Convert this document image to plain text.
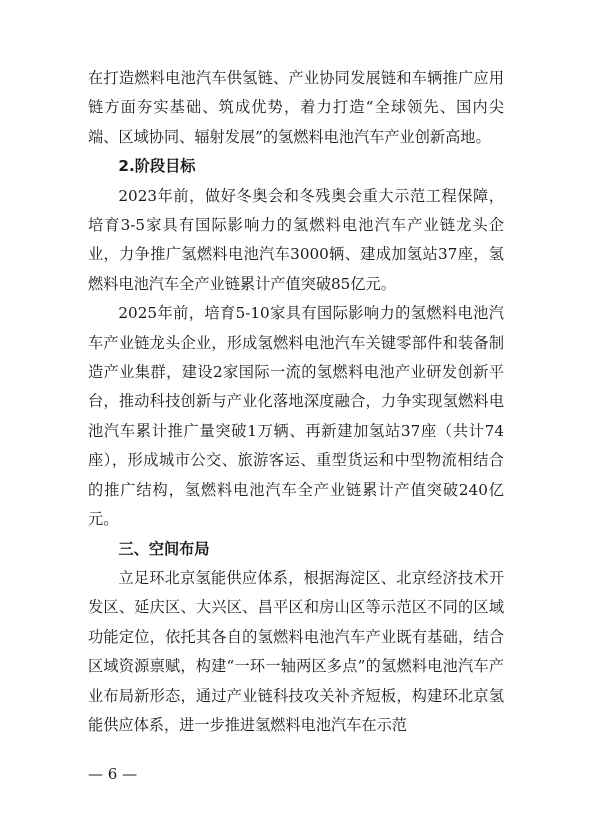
在打造燃料电池汽车供氢链、产业协同发展链和车辆推广应用链方面夯实基础、筑成优势，着力打造“全球领先、国内尖端、区域协同、辐射发展”的氢燃料电池汽车产业创新高地。

2.阶段目标

2023年前，做好冬奥会和冬残奥会重大示范工程保障，培育3-5家具有国际影响力的氢燃料电池汽车产业链龙头企业，力争推广氢燃料电池汽车3000辆、建成加氢站37座，氢燃料电池汽车全产业链累计产值突破85亿元。

2025年前，培育5-10家具有国际影响力的氢燃料电池汽车产业链龙头企业，形成氢燃料电池汽车关键零部件和装备制造产业集群，建设2家国际一流的氢燃料电池产业研发创新平台，推动科技创新与产业化落地深度融合，力争实现氢燃料电池汽车累计推广量突破1万辆、再新建加氢站37座（共计74座），形成城市公交、旅游客运、重型货运和中型物流相结合的推广结构，氢燃料电池汽车全产业链累计产值突破240亿元。

三、空间布局

立足环北京氢能供应体系，根据海淀区、北京经济技术开发区、延庆区、大兴区、昌平区和房山区等示范区不同的区域功能定位，依托其各自的氢燃料电池汽车产业既有基础，结合区域资源禀赋，构建“一环一轴两区多点”的氢燃料电池汽车产业布局新形态，通过产业链科技攻关补齐短板，构建环北京氢能供应体系，进一步推进氢燃料电池汽车在示范

— 6 —
